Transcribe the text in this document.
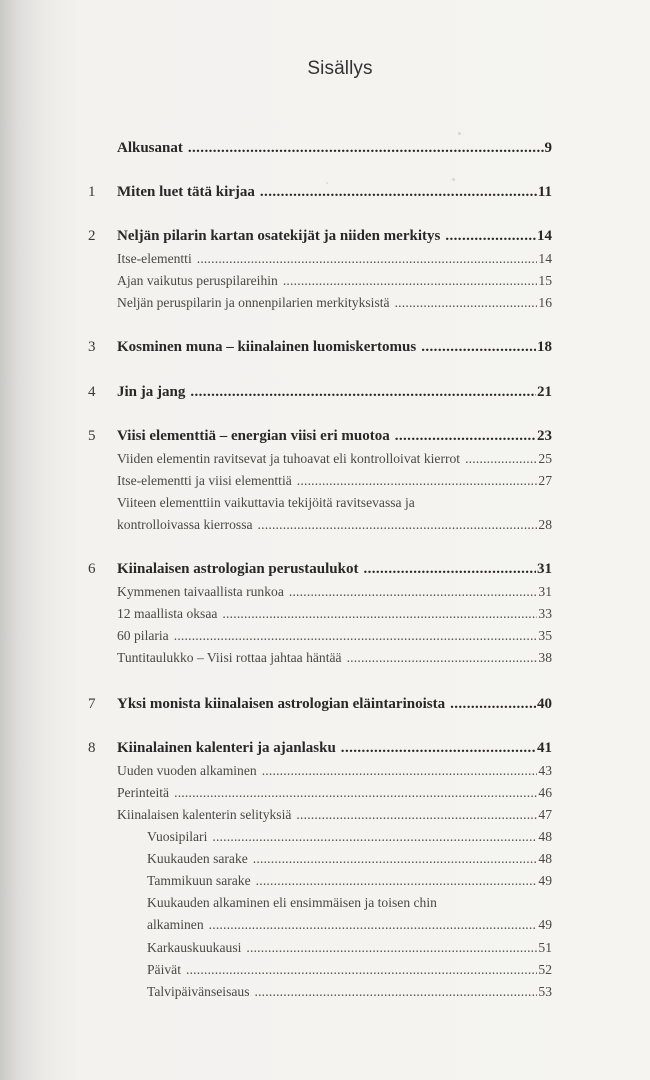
Sisällys
Alkusanat .....	9
1 Miten luet tätä kirjaa .....	11
2 Neljän pilarin kartan osatekijät ja niiden merkitys .....	14
Itse-elementti .....	14
Ajan vaikutus peruspilareihin .....	15
Neljän peruspilarin ja onnenpilarien merkityksistä .....	16
3 Kosminen muna – kiinalainen luomiskertomus .....	18
4 Jin ja jang .....	21
5 Viisi elementtiä – energian viisi eri muotoa .....	23
Viiden elementin ravitsevat ja tuhoavat eli kontrolloivat kierrot .....	25
Itse-elementti ja viisi elementtiä .....	27
Viiteen elementtiin vaikuttavia tekijöitä ravitsevassa ja
kontrolloivassa kierrossa .....	28
6 Kiinalaisen astrologian perustaulukot .....	31
Kymmenen taivaallista runkoa .....	31
12 maallista oksaa .....	33
60 pilaria .....	35
Tuntitaulukko – Viisi rottaa jahtaa häntää .....	38
7 Yksi monista kiinalaisen astrologian eläintarinoista .....	40
8 Kiinalainen kalenteri ja ajanlasku .....	41
Uuden vuoden alkaminen .....	43
Perinteitä .....	46
Kiinalaisen kalenterin selityksiä .....	47
Vuosipilari .....	48
Kuukauden sarake .....	48
Tammikuun sarake .....	49
Kuukauden alkaminen eli ensimmäisen ja toisen chin
alkaminen .....	49
Karkauskuukausi .....	51
Päivät .....	52
Talvipäivänseisaus .....	53
